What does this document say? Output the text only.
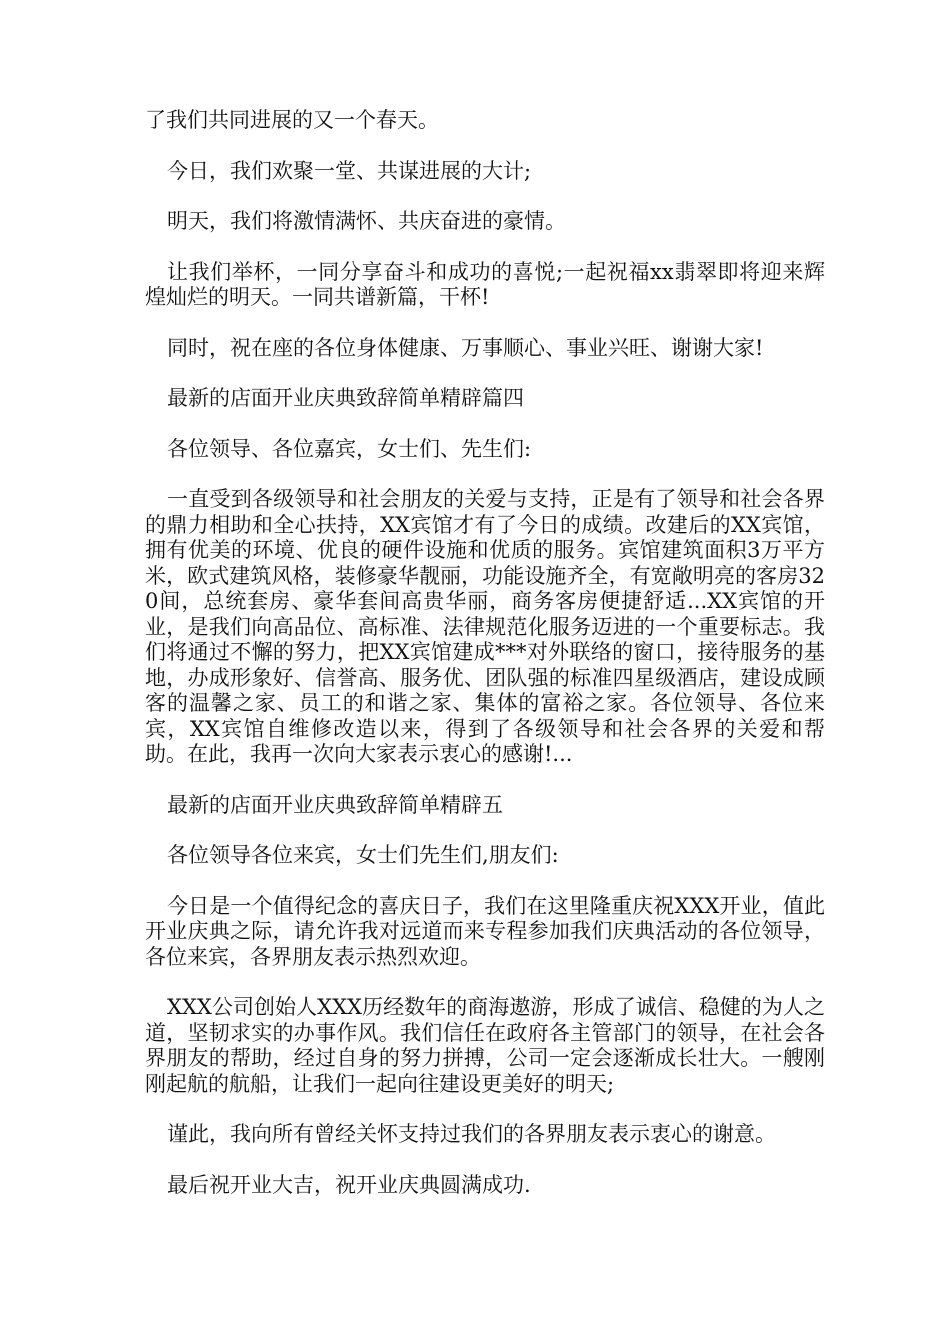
了我们共同进展的又一个春天。

今日，我们欢聚一堂、共谋进展的大计;

明天，我们将激情满怀、共庆奋进的豪情。

让我们举杯，一同分享奋斗和成功的喜悦;一起祝福xx翡翠即将迎来辉煌灿烂的明天。一同共谱新篇，干杯!

同时，祝在座的各位身体健康、万事顺心、事业兴旺、谢谢大家!

最新的店面开业庆典致辞简单精辟篇四

各位领导、各位嘉宾，女士们、先生们:

一直受到各级领导和社会朋友的关爱与支持，正是有了领导和社会各界的鼎力相助和全心扶持，XX宾馆才有了今日的成绩。改建后的XX宾馆，拥有优美的环境、优良的硬件设施和优质的服务。宾馆建筑面积3万平方米，欧式建筑风格，装修豪华靓丽，功能设施齐全，有宽敞明亮的客房320间，总统套房、豪华套间高贵华丽，商务客房便捷舒适...XX宾馆的开业，是我们向高品位、高标准、法律规范化服务迈进的一个重要标志。我们将通过不懈的努力，把XX宾馆建成***对外联络的窗口，接待服务的基地，办成形象好、信誉高、服务优、团队强的标准四星级酒店，建设成顾客的温馨之家、员工的和谐之家、集体的富裕之家。各位领导、各位来宾，XX宾馆自维修改造以来，得到了各级领导和社会各界的关爱和帮助。在此，我再一次向大家表示衷心的感谢!...

最新的店面开业庆典致辞简单精辟五

各位领导各位来宾，女士们先生们,朋友们:

今日是一个值得纪念的喜庆日子，我们在这里隆重庆祝XXX开业，值此开业庆典之际，请允许我对远道而来专程参加我们庆典活动的各位领导，各位来宾，各界朋友表示热烈欢迎。

XXX公司创始人XXX历经数年的商海遨游，形成了诚信、稳健的为人之道，坚韧求实的办事作风。我们信任在政府各主管部门的领导，在社会各界朋友的帮助，经过自身的努力拼搏，公司一定会逐渐成长壮大。一艘刚刚起航的航船，让我们一起向往建设更美好的明天;

谨此，我向所有曾经关怀支持过我们的各界朋友表示衷心的谢意。

最后祝开业大吉，祝开业庆典圆满成功.
